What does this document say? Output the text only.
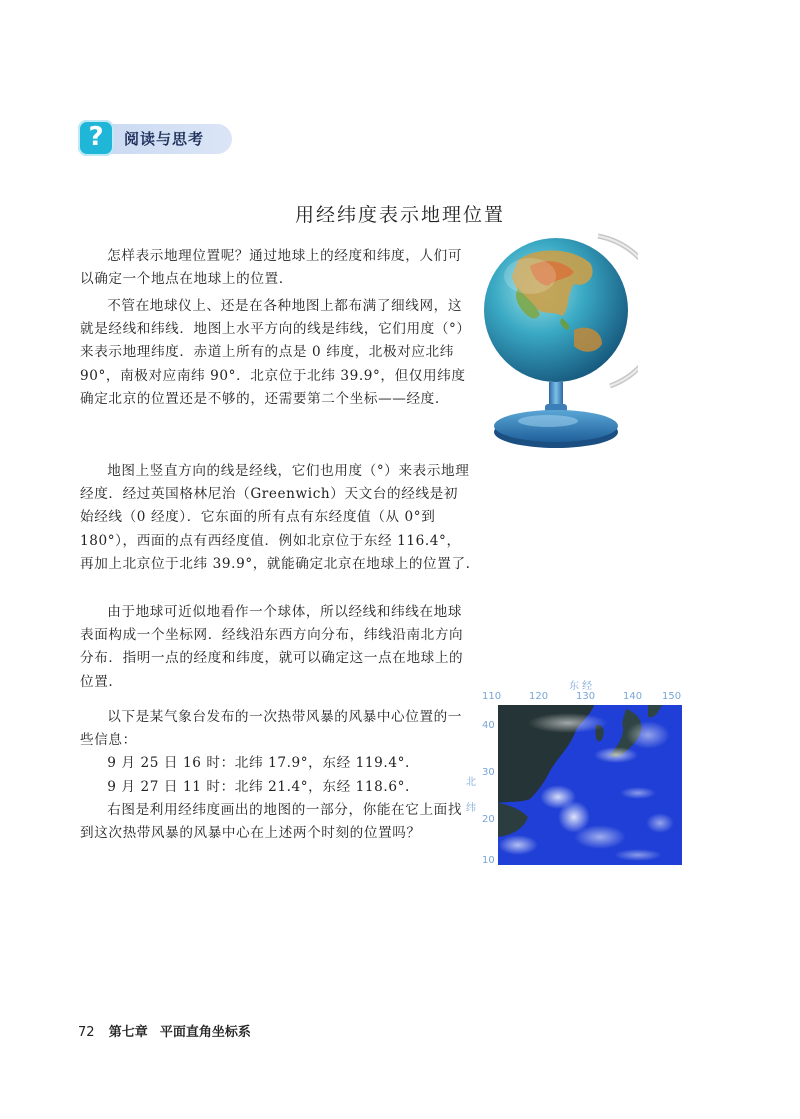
?	阅读与思考
用经纬度表示地理位置

怎样表示地理位置呢？通过地球上的经度和纬度，人们可以确定一个地点在地球上的位置.

不管在地球仪上、还是在各种地图上都布满了细线网，这就是经线和纬线．地图上水平方向的线是纬线，它们用度（°）来表示地理纬度．赤道上所有的点是 0 纬度，北极对应北纬 90°，南极对应南纬 90°．北京位于北纬 39.9°，但仅用纬度确定北京的位置还是不够的，还需要第二个坐标——经度.

地图上竖直方向的线是经线，它们也用度（°）来表示地理经度．经过英国格林尼治（Greenwich）天文台的经线是初始经线（0 经度）．它东面的所有点有东经度值（从 0°到 180°），西面的点有西经度值．例如北京位于东经 116.4°，再加上北京位于北纬 39.9°，就能确定北京在地球上的位置了.

由于地球可近似地看作一个球体，所以经线和纬线在地球表面构成一个坐标网．经线沿东西方向分布，纬线沿南北方向分布．指明一点的经度和纬度，就可以确定这一点在地球上的位置.

以下是某气象台发布的一次热带风暴的风暴中心位置的一些信息：

9 月 25 日 16 时：北纬 17.9°，东经 119.4°.

9 月 27 日 11 时：北纬 21.4°，东经 118.6°.

右图是利用经纬度画出的地图的一部分，你能在它上面找到这次热带风暴的风暴中心在上述两个时刻的位置吗？

东 经
110	120	130	140 150
40
30
20
10
北
纬
72 第七章 平面直角坐标系
